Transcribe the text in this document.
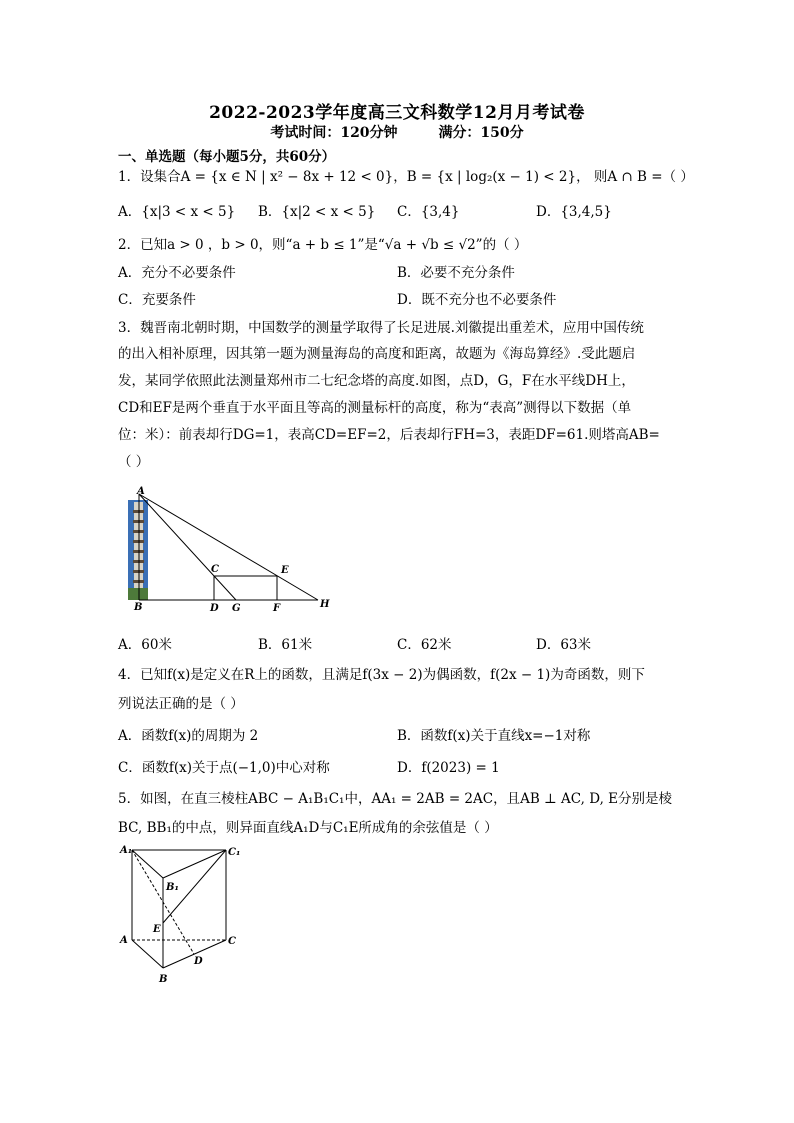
2022-2023学年度高三文科数学12月月考试卷
考试时间：120分钟	满分：150分
一、单选题（每小题5分，共60分）
1．设集合A = {x ∈ N | x² − 8x + 12 < 0}，B = {x | log₂(x − 1) < 2}， 则A ∩ B =（ ）
A．{x|3 < x < 5} B．{x|2 < x < 5} C．{3,4}	D．{3,4,5}
2．已知a > 0 ，b > 0，则“a + b ≤ 1”是“√a + √b ≤ √2”的（ ）
A．充分不必要条件	B．必要不充分条件
C．充要条件	D．既不充分也不必要条件
3．魏晋南北朝时期，中国数学的测量学取得了长足进展.刘徽提出重差术，应用中国传统
的出入相补原理，因其第一题为测量海岛的高度和距离，故题为《海岛算经》.受此题启
发，某同学依照此法测量郑州市二七纪念塔的高度.如图，点D，G，F在水平线DH上，
CD和EF是两个垂直于水平面且等高的测量标杆的高度，称为“表高”测得以下数据（单
位：米）：前表却行DG=1，表高CD=EF=2，后表却行FH=3，表距DF=61.则塔高AB=
（ ）
A
B
C
D G
E
F	H
A．60米	B．61米	C．62米	D．63米
4．已知f(x)是定义在R上的函数，且满足f(3x − 2)为偶函数，f(2x − 1)为奇函数，则下
列说法正确的是（ ）
A．函数f(x)的周期为 2	B．函数f(x)关于直线x=−1对称
C．函数f(x)关于点(−1,0)中心对称	D．f(2023) = 1
5．如图，在直三棱柱ABC − A₁B₁C₁中，AA₁ = 2AB = 2AC，且AB ⊥ AC, D, E分别是棱
BC, BB₁的中点，则异面直线A₁D与C₁E所成角的余弦值是（ ）
A₁	C₁
B₁
E
A	C
D
B
